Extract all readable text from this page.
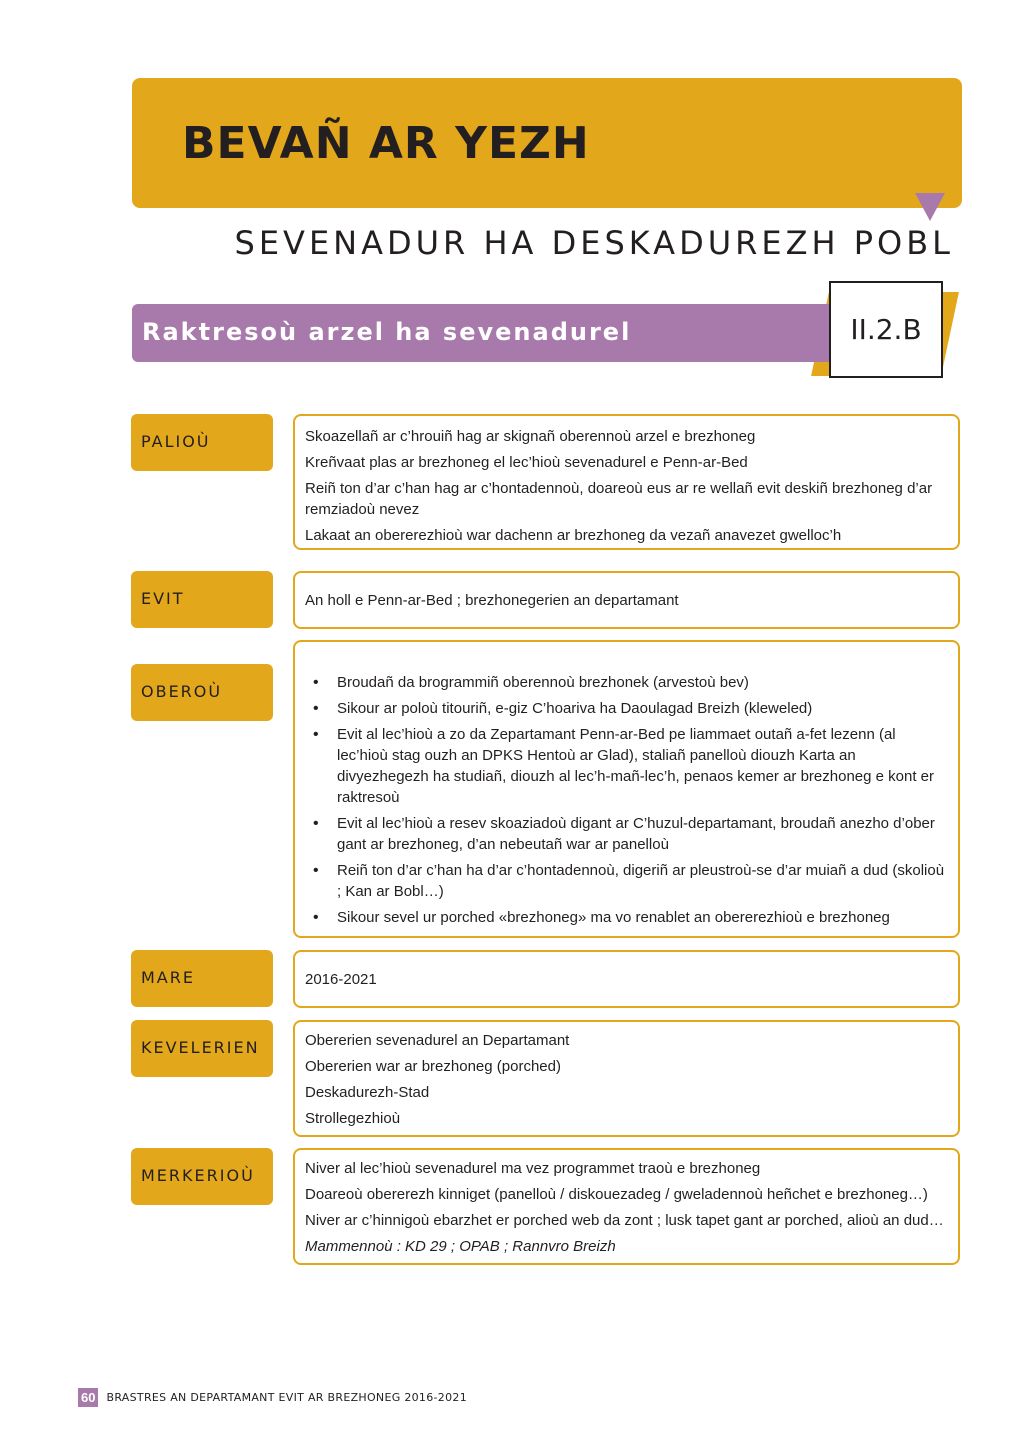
BEVAÑ AR YEZH
SEVENADUR HA DESKADUREZH POBL
Raktresoù arzel ha sevenadurel	II.2.B
PALIOÙ	Skoazellañ ar c’hrouiñ hag ar skignañ oberennoù arzel e brezhoneg

Kreñvaat plas ar brezhoneg el lec’hioù sevenadurel e Penn-ar-Bed

Reiñ ton d’ar c’han hag ar c’hontadennoù, doareoù eus ar re wellañ evit deskiñ brezhoneg d’ar remziadoù nevez

Lakaat an obererezhioù war dachenn ar brezhoneg da vezañ anavezet gwelloc’h

EVIT	An holl e Penn-ar-Bed ; brezhonegerien an departamant

OBEROÙ
•	Broudañ da brogrammiñ oberennoù brezhonek (arvestoù bev)
• Sikour ar poloù titouriñ, e-giz C’hoariva ha Daoulagad Breizh (kleweled)
• Evit al lec’hioù a zo da Zepartamant Penn-ar-Bed pe liammaet outañ a-fet lezenn (al lec’hioù stag ouzh an DPKS Hentoù ar Glad), staliañ panelloù diouzh Karta an divyezhegezh ha studiañ, diouzh al lec’h-mañ-lec’h, penaos kemer ar brezhoneg e kont er raktresoù
• Evit al lec’hioù a resev skoaziadoù digant ar C’huzul-departamant, broudañ anezho d’ober gant ar brezhoneg, d’an nebeutañ war ar panelloù
• Reiñ ton d’ar c’han ha d’ar c’hontadennoù, digeriñ ar pleustroù-se d’ar muiañ a dud (skolioù ; Kan ar Bobl…)
• Sikour sevel ur porched «brezhoneg» ma vo renablet an obererezhioù e brezhoneg
MARE	2016-2021

KEVELERIEN	Obererien sevenadurel an Departamant

Obererien war ar brezhoneg (porched)

Deskadurezh-Stad

Strollegezhioù

MERKERIOÙ	Niver al lec’hioù sevenadurel ma vez programmet traoù e brezhoneg

Doareoù obererezh kinniget (panelloù / diskouezadeg / gweladennoù heñchet e brezhoneg…)

Niver ar c’hinnigoù ebarzhet er porched web da zont ; lusk tapet gant ar porched, alioù an dud…

Mammennoù : KD 29 ; OPAB ; Rannvro Breizh

60 BRASTRES AN DEPARTAMANT EVIT AR BREZHONEG 2016-2021
